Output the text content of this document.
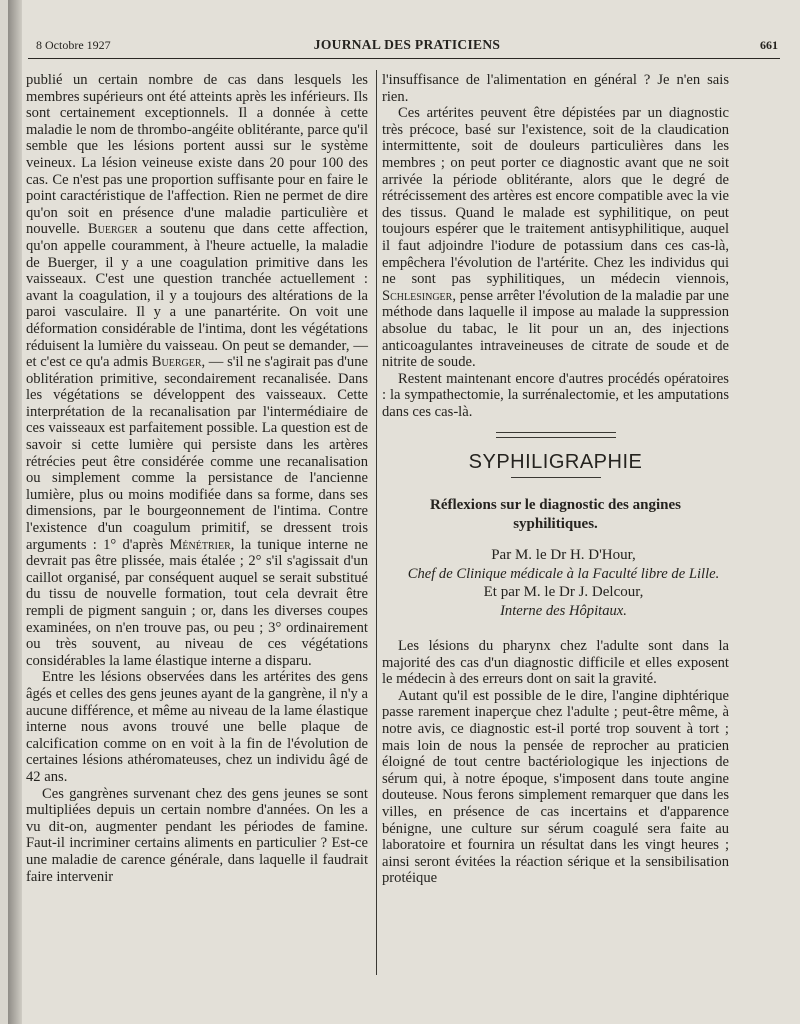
8 Octobre 1927	JOURNAL DES PRATICIENS	661

publié un certain nombre de cas dans lesquels les membres supérieurs ont été atteints après les inférieurs. Ils sont certainement exceptionnels. Il a donnée à cette maladie le nom de thrombo-angéite oblitérante, parce qu'il semble que les lésions portent aussi sur le système veineux. La lésion veineuse existe dans 20 pour 100 des cas. Ce n'est pas une proportion suffisante pour en faire le point caractéristique de l'affection. Rien ne permet de dire qu'on soit en présence d'une maladie particulière et nouvelle. Buerger a soutenu que dans cette affection, qu'on appelle couramment, à l'heure actuelle, la maladie de Buerger, il y a une coagulation primitive dans les vaisseaux. C'est une question tranchée actuellement : avant la coagulation, il y a toujours des altérations de la paroi vasculaire. Il y a une panartérite. On voit une déformation considérable de l'intima, dont les végétations réduisent la lumière du vaisseau. On peut se demander, — et c'est ce qu'a admis Buerger, — s'il ne s'agirait pas d'une oblitération primitive, secondairement recanalisée. Dans les végétations se développent des vaisseaux. Cette interprétation de la recanalisation par l'intermédiaire de ces vaisseaux est parfaitement possible. La question est de savoir si cette lumière qui persiste dans les artères rétrécies peut être considérée comme une recanalisation ou simplement comme la persistance de l'ancienne lumière, plus ou moins modifiée dans sa forme, dans ses dimensions, par le bourgeonnement de l'intima. Contre l'existence d'un coagulum primitif, se dressent trois arguments : 1° d'après Ménétrier, la tunique interne ne devrait pas être plissée, mais étalée ; 2° s'il s'agissait d'un caillot organisé, par conséquent auquel se serait substitué du tissu de nouvelle formation, tout cela devrait être rempli de pigment sanguin ; or, dans les diverses coupes examinées, on n'en trouve pas, ou peu ; 3° ordinairement ou très souvent, au niveau de ces végétations considérables la lame élastique interne a disparu.

Entre les lésions observées dans les artérites des gens âgés et celles des gens jeunes ayant de la gangrène, il n'y a aucune différence, et même au niveau de la lame élastique interne nous avons trouvé une belle plaque de calcification comme on en voit à la fin de l'évolution de certaines lésions athéromateuses, chez un individu âgé de 42 ans.

Ces gangrènes survenant chez des gens jeunes se sont multipliées depuis un certain nombre d'années. On les a vu dit-on, augmenter pendant les périodes de famine. Faut-il incriminer certains aliments en particulier ? Est-ce une maladie de carence générale, dans laquelle il faudrait faire intervenir

l'insuffisance de l'alimentation en général ? Je n'en sais rien.

Ces artérites peuvent être dépistées par un diagnostic très précoce, basé sur l'existence, soit de la claudication intermittente, soit de douleurs particulières dans les membres ; on peut porter ce diagnostic avant que ne soit arrivée la période oblitérante, alors que le degré de rétrécissement des artères est encore compatible avec la vie des tissus. Quand le malade est syphilitique, on peut toujours espérer que le traitement antisyphilitique, auquel il faut adjoindre l'iodure de potassium dans ces cas-là, empêchera l'évolution de l'artérite. Chez les individus qui ne sont pas syphilitiques, un médecin viennois, Schlesinger, pense arrêter l'évolution de la maladie par une méthode dans laquelle il impose au malade la suppression absolue du tabac, le lit pour un an, des injections anticoagulantes intraveineuses de citrate de soude et de nitrite de soude.

Restent maintenant encore d'autres procédés opératoires : la sympathectomie, la surrénalectomie, et les amputations dans ces cas-là.

SYPHILIGRAPHIE
Réflexions sur le diagnostic des angines syphilitiques.

Par M. le Dr H. D'Hour,

Chef de Clinique médicale à la Faculté libre de Lille.

Et par M. le Dr J. Delcour,

Interne des Hôpitaux.

Les lésions du pharynx chez l'adulte sont dans la majorité des cas d'un diagnostic difficile et elles exposent le médecin à des erreurs dont on sait la gravité.

Autant qu'il est possible de le dire, l'angine diphtérique passe rarement inaperçue chez l'adulte ; peut-être même, à notre avis, ce diagnostic est-il porté trop souvent à tort ; mais loin de nous la pensée de reprocher au praticien éloigné de tout centre bactériologique les injections de sérum qui, à notre époque, s'imposent dans toute angine douteuse. Nous ferons simplement remarquer que dans les villes, en présence de cas incertains et d'apparence bénigne, une culture sur sérum coagulé sera faite au laboratoire et fournira un résultat dans les vingt heures ; ainsi seront évitées la réaction sérique et la sensibilisation protéique
